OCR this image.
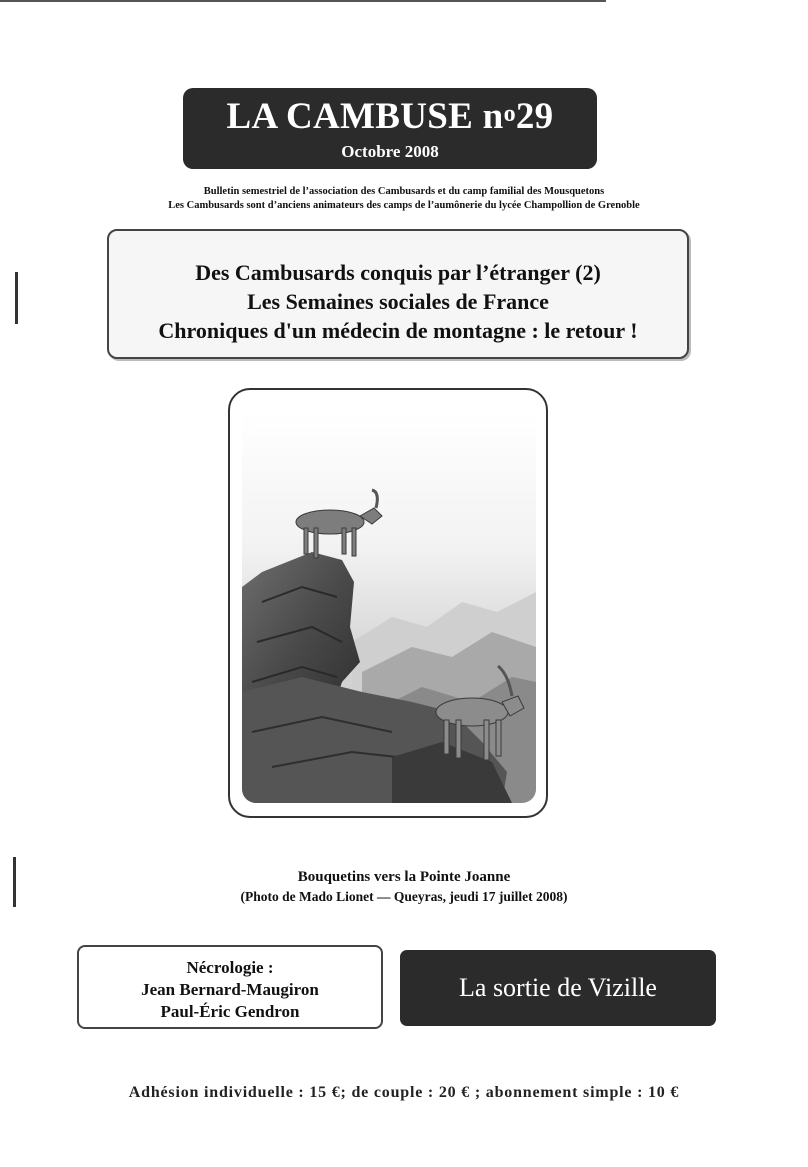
LA CAMBUSE $n^o29$
Octobre 2008
Bulletin semestriel de l’association des Cambusards et du camp familial des Mousquetons
Les Cambusards sont d’anciens animateurs des camps de l’aumônerie du lycée Champollion de Grenoble
Des Cambusards conquis par l’étranger (2)
Les Semaines sociales de France
Chroniques d'un médecin de montagne : le retour !
Bouquetins vers la Pointe Joanne
(Photo de Mado Lionet — Queyras, jeudi 17 juillet 2008)
Nécrologie :
Jean Bernard-Maugiron
Paul-Éric Gendron
La sortie de Vizille
Adhésion individuelle : 15 €; de couple : 20 € ; abonnement simple : 10 €
